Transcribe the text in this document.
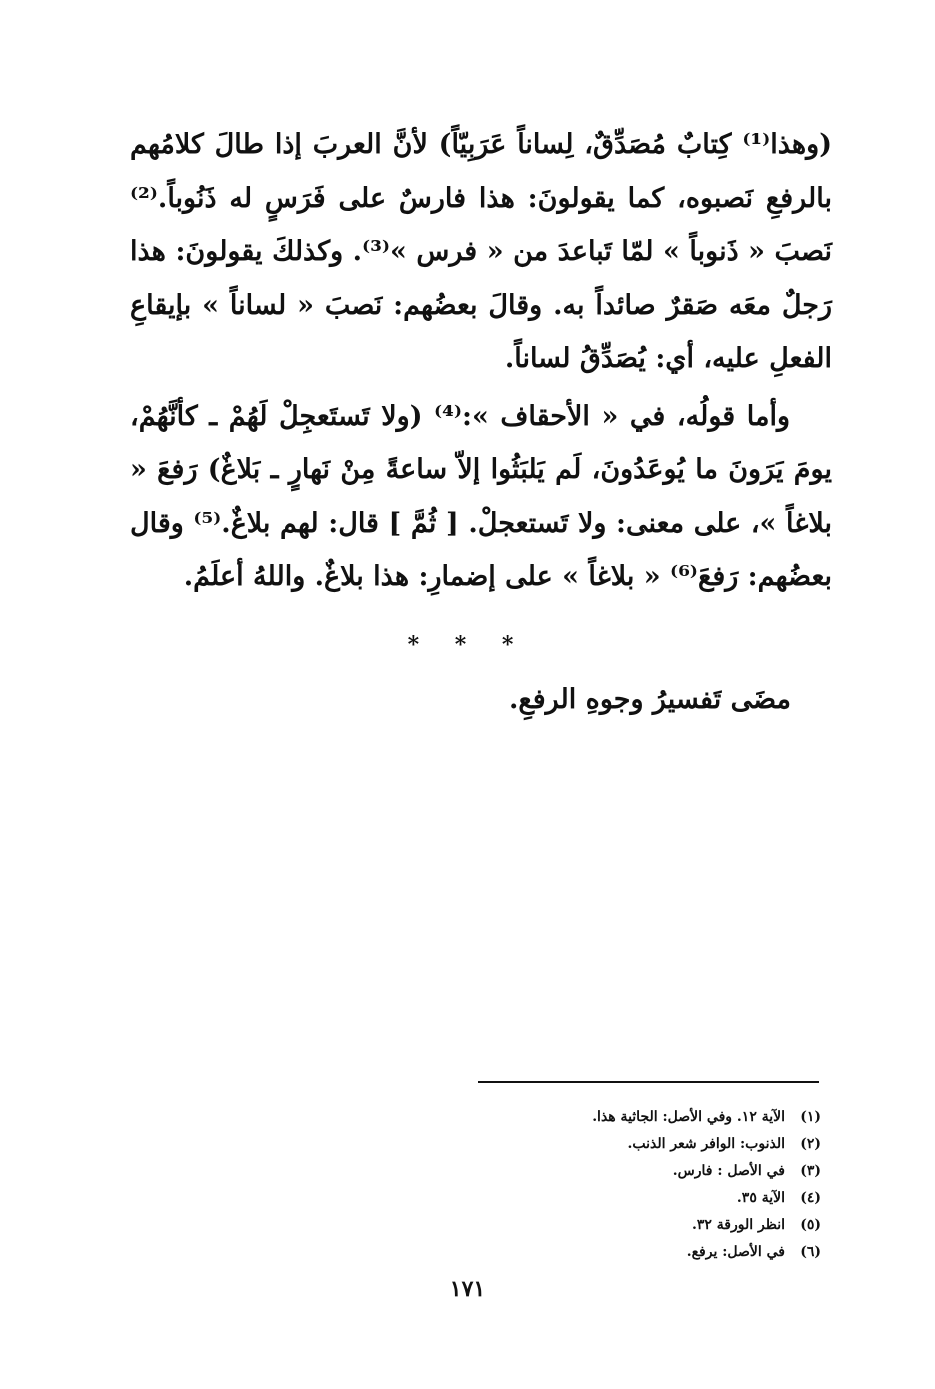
(وهذا⁽¹⁾ كِتابٌ مُصَدِّقٌ، لِساناً عَرَبِيّاً) لأنَّ العربَ إذا طالَ كلامُهم بالرفعِ نَصبوه، كما يقولونَ: هذا فارسٌ على فَرَسٍ له ذَنُوباً.⁽²⁾ نَصبَ « ذَنوباً » لمّا تَباعدَ من « فرس »⁽³⁾. وكذلكَ يقولونَ: هذا رَجلٌ معَه صَقرٌ صائداً به. وقالَ بعضُهم: نَصبَ « لساناً » بإيقاعِ الفعلِ عليه، أي: يُصَدِّقُ لساناً.

وأما قولُه، في « الأحقاف »:⁽⁴⁾ (ولا تَستَعجِلْ لَهُمْ ـ كأنَّهُمْ، يومَ يَرَونَ ما يُوعَدُونَ، لَم يَلبَثُوا إلاّ ساعةً مِنْ نَهارٍ ـ بَلاغٌ) رَفعَ « بلاغاً »، على معنى: ولا تَستعجلْ. [ ثُمَّ ] قال: لهم بلاغٌ.⁽⁵⁾ وقال بعضُهم: رَفعَ⁽⁶⁾ « بلاغاً » على إضمارِ: هذا بلاغٌ. واللهُ أعلَمُ.

* * *
مضَى تَفسيرُ وجوهِ الرفعِ.
(١)الآية ١٢. وفي الأصل: الجاثية هذا.
(٢)الذنوب: الوافر شعر الذنب.
(٣)في الأصل : فارس.
(٤)الآية ٣٥.
(٥)انظر الورقة ٣٢.
(٦)في الأصل: يرفع.
١٧١
